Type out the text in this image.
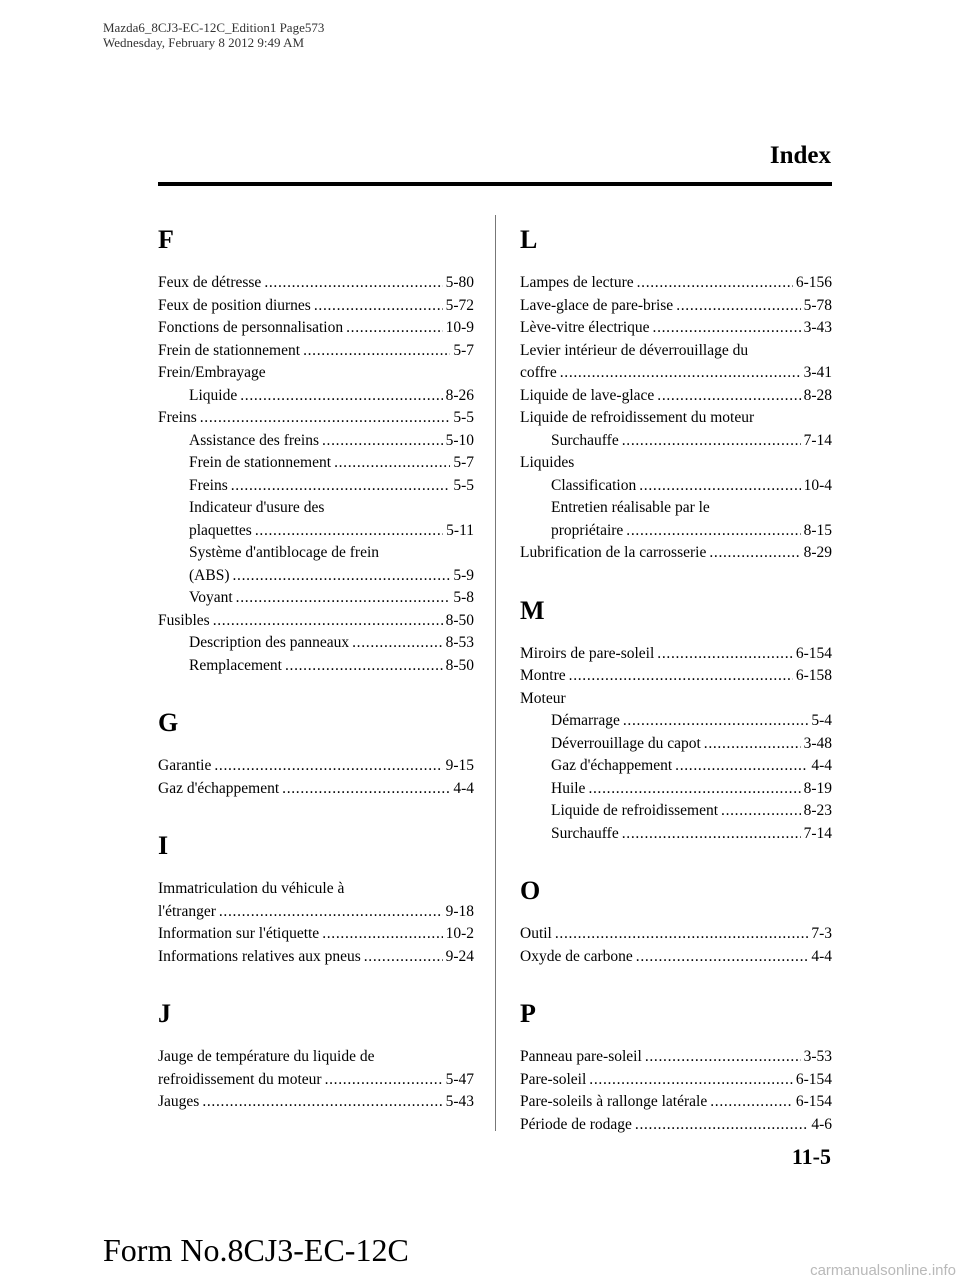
Mazda6_8CJ3-EC-12C_Edition1 Page573
Wednesday, February 8 2012 9:49 AM
Index
F
Feux de détresse . . .	5-80
Feux de position diurnes . . .	5-72
Fonctions de personnalisation . . .	10-9
Frein de stationnement . . .	5-7
Frein/Embrayage
Liquide . . .	8-26
Freins . . .	5-5
Assistance des freins . . .	5-10
Frein de stationnement . . .	5-7
Freins . . .	5-5
Indicateur d'usure des
plaquettes . . .	5-11
Système d'antiblocage de frein
(ABS) . . .	5-9
Voyant . . .	5-8
Fusibles . . .	8-50
Description des panneaux . . .	8-53
Remplacement . . .	8-50
G
Garantie . . .	9-15
Gaz d'échappement . . .	4-4
I
Immatriculation du véhicule à
l'étranger . . .	9-18
Information sur l'étiquette . . .	10-2
Informations relatives aux pneus . . .	9-24
J
Jauge de température du liquide de
refroidissement du moteur . . .	5-47
Jauges . . .	5-43
L
Lampes de lecture . . .	6-156
Lave-glace de pare-brise . . .	5-78
Lève-vitre électrique . . .	3-43
Levier intérieur de déverrouillage du
coffre . . .	3-41
Liquide de lave-glace . . .	8-28
Liquide de refroidissement du moteur
Surchauffe . . .	7-14
Liquides
Classification . . .	10-4
Entretien réalisable par le
propriétaire . . .	8-15
Lubrification de la carrosserie . . .	8-29
M
Miroirs de pare-soleil . . .	6-154
Montre . . .	6-158
Moteur
Démarrage . . .	5-4
Déverrouillage du capot . . .	3-48
Gaz d'échappement . . .	4-4
Huile . . .	8-19
Liquide de refroidissement . . .	8-23
Surchauffe . . .	7-14
O
Outil . . .	7-3
Oxyde de carbone . . .	4-4
P
Panneau pare-soleil . . .	3-53
Pare-soleil . . .	6-154
Pare-soleils à rallonge latérale . . .	6-154
Période de rodage . . .	4-6
11-5
Form No.8CJ3-EC-12C
carmanualsonline.info
